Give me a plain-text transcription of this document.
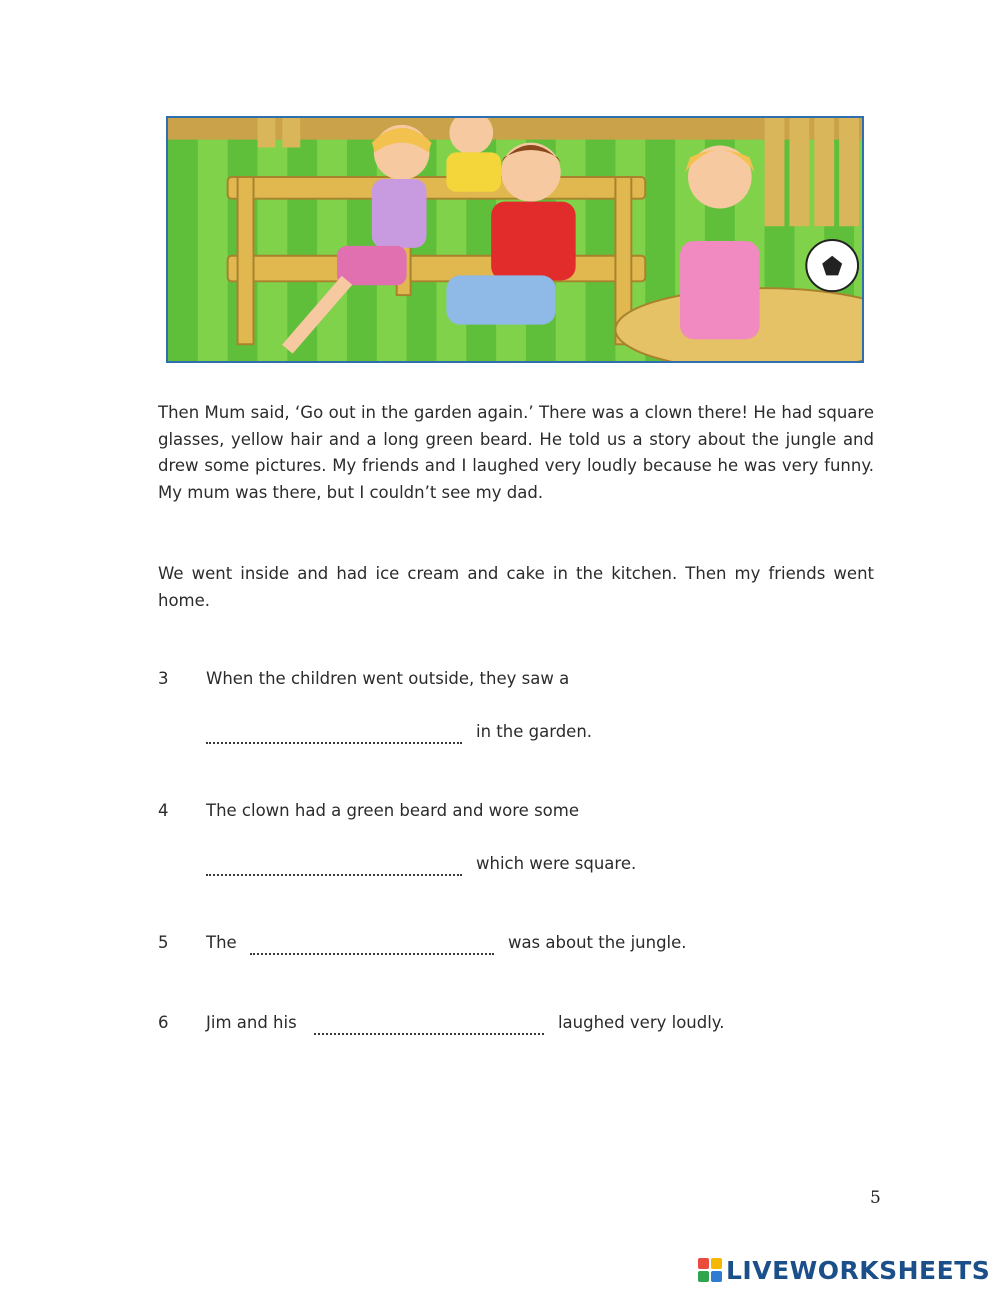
Then Mum said, ‘Go out in the garden again.’ There was a clown there! He had square glasses, yellow hair and a long green beard. He told us a story about the jungle and drew some pictures. My friends and I laughed very loudly because he was very funny. My mum was there, but I couldn’t see my dad.

We went inside and had ice cream and cake in the kitchen. Then my friends went home.

3 When the children went outside, they saw a
in the garden.
4 The clown had a green beard and wore some
which were square.
5 The	was about the jungle.
6 Jim and his	laughed very loudly.
5
LIVEWORKSHEETS
